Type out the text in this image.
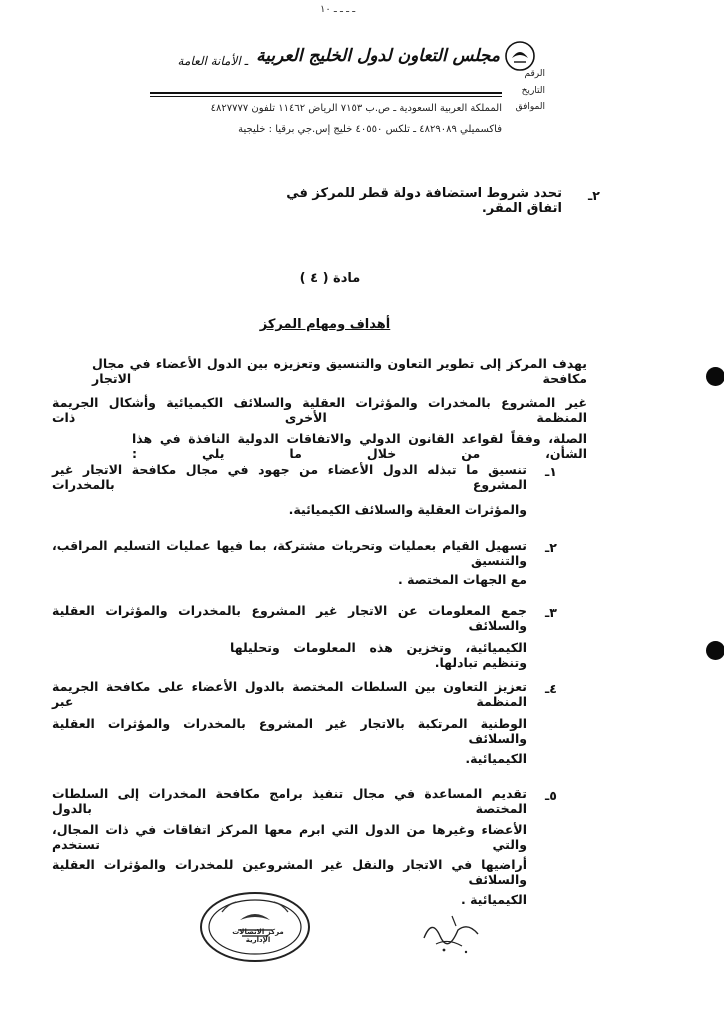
ـ ـ ـ ـ ١٠
مجلس التعاون لدول الخليج العربية
ـ الأمانة العامة
الرقم
التاريخ
الموافق
المملكة العربية السعودية ـ ص.ب ٧١٥٣ الرياض ١١٤٦٢ تلفون ٤٨٢٧٧٧٧
فاكسميلي ٤٨٢٩٠٨٩ ـ تلكس ٤٠٥٥٠ خليج إس.جي برقيا : خليجية
٢ـ
تحدد شروط استضافة دولة قطر للمركز في اتفاق المقر.
مادة ( ٤ )
أهداف ومهام المركز
يهدف المركز إلى تطوير التعاون والتنسيق وتعزيزه بين الدول الأعضاء في مجال مكافحة الاتجار
غير المشروع بالمخدرات والمؤثرات العقلية والسلائف الكيميائية وأشكال الجريمة المنظمة الأخرى ذات
الصلة، وفقاً لقواعد القانون الدولي والاتفاقات الدولية النافذة في هذا الشأن، من خلال ما يلي :
١ـ
تنسيق ما تبذله الدول الأعضاء من جهود في مجال مكافحة الاتجار غير المشروع بالمخدرات
والمؤثرات العقلية والسلائف الكيميائية.
٢ـ
تسهيل القيام بعمليات وتحريات مشتركة، بما فيها عمليات التسليم المراقب، والتنسيق
مع الجهات المختصة .
٣ـ
جمع المعلومات عن الاتجار غير المشروع بالمخدرات والمؤثرات العقلية والسلائف
الكيميائية، وتخزين هذه المعلومات وتحليلها وتنظيم تبادلها.
٤ـ
تعزيز التعاون بين السلطات المختصة بالدول الأعضاء على مكافحة الجريمة المنظمة عبر
الوطنية المرتكبة بالاتجار غير المشروع بالمخدرات والمؤثرات العقلية والسلائف
الكيميائية.
٥ـ
تقديم المساعدة في مجال تنفيذ برامج مكافحة المخدرات إلى السلطات المختصة بالدول
الأعضاء وغيرها من الدول التي ابرم معها المركز اتفاقات في ذات المجال، والتي تستخدم
أراضيها في الاتجار والنقل غير المشروعين للمخدرات والمؤثرات العقلية والسلائف
الكيميائية .
مركز الاتصالات الإدارية
